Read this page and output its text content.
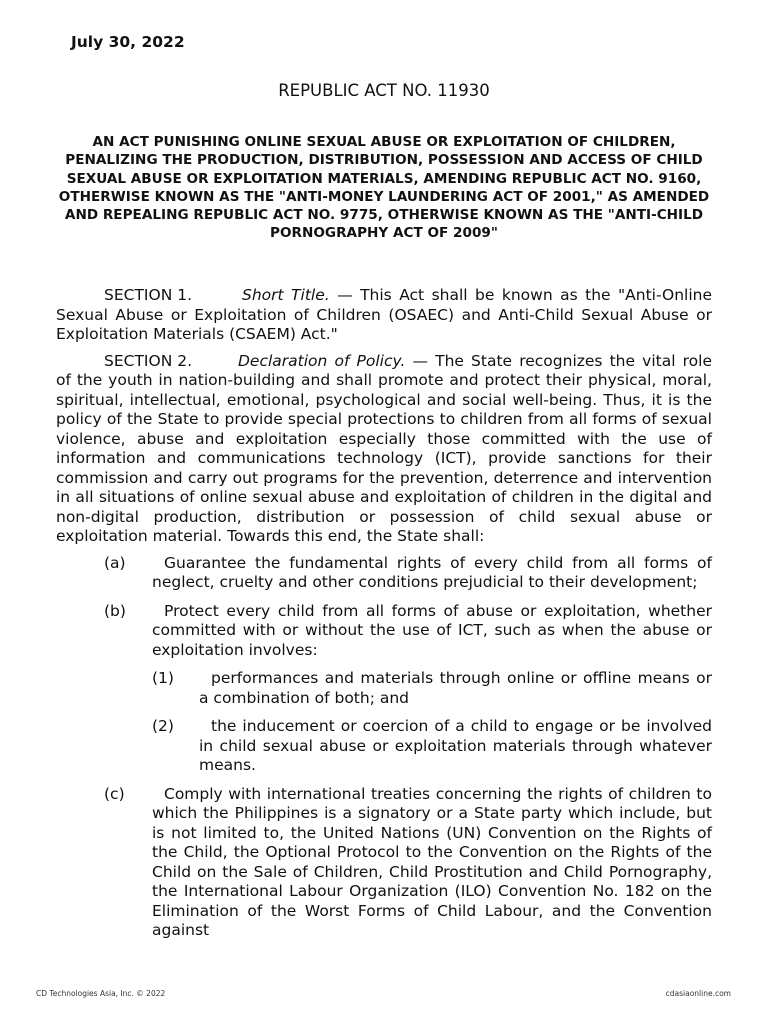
July 30, 2022
REPUBLIC ACT NO. 11930
AN ACT PUNISHING ONLINE SEXUAL ABUSE OR EXPLOITATION OF CHILDREN, PENALIZING THE PRODUCTION, DISTRIBUTION, POSSESSION AND ACCESS OF CHILD SEXUAL ABUSE OR EXPLOITATION MATERIALS, AMENDING REPUBLIC ACT NO. 9160, OTHERWISE KNOWN AS THE "ANTI-MONEY LAUNDERING ACT OF 2001," AS AMENDED AND REPEALING REPUBLIC ACT NO. 9775, OTHERWISE KNOWN AS THE "ANTI-CHILD PORNOGRAPHY ACT OF 2009"

SECTION 1.	Short Title. — This Act shall be known as the "Anti-Online Sexual Abuse or Exploitation of Children (OSAEC) and Anti-Child Sexual Abuse or Exploitation Materials (CSAEM) Act."

SECTION 2.	Declaration of Policy. — The State recognizes the vital role of the youth in nation-building and shall promote and protect their physical, moral, spiritual, intellectual, emotional, psychological and social well-being. Thus, it is the policy of the State to provide special protections to children from all forms of sexual violence, abuse and exploitation especially those committed with the use of information and communications technology (ICT), provide sanctions for their commission and carry out programs for the prevention, deterrence and intervention in all situations of online sexual abuse and exploitation of children in the digital and non-digital production, distribution or possession of child sexual abuse or exploitation material. Towards this end, the State shall:

(a) Guarantee the fundamental rights of every child from all forms of neglect, cruelty and other conditions prejudicial to their development;
(b) Protect every child from all forms of abuse or exploitation, whether committed with or without the use of ICT, such as when the abuse or exploitation involves:
(1) performances and materials through online or offline means or a combination of both; and
(2) the inducement or coercion of a child to engage or be involved in child sexual abuse or exploitation materials through whatever means.
(c)	Comply with international treaties concerning the rights of children to which the Philippines is a signatory or a State party which include, but is not limited to, the United Nations (UN) Convention on the Rights of the Child, the Optional Protocol to the Convention on the Rights of the Child on the Sale of Children, Child Prostitution and Child Pornography, the International Labour Organization (ILO) Convention No. 182 on the Elimination of the Worst Forms of Child Labour, and the Convention against
CD Technologies Asia, Inc. © 2022	cdasiaonline.com
